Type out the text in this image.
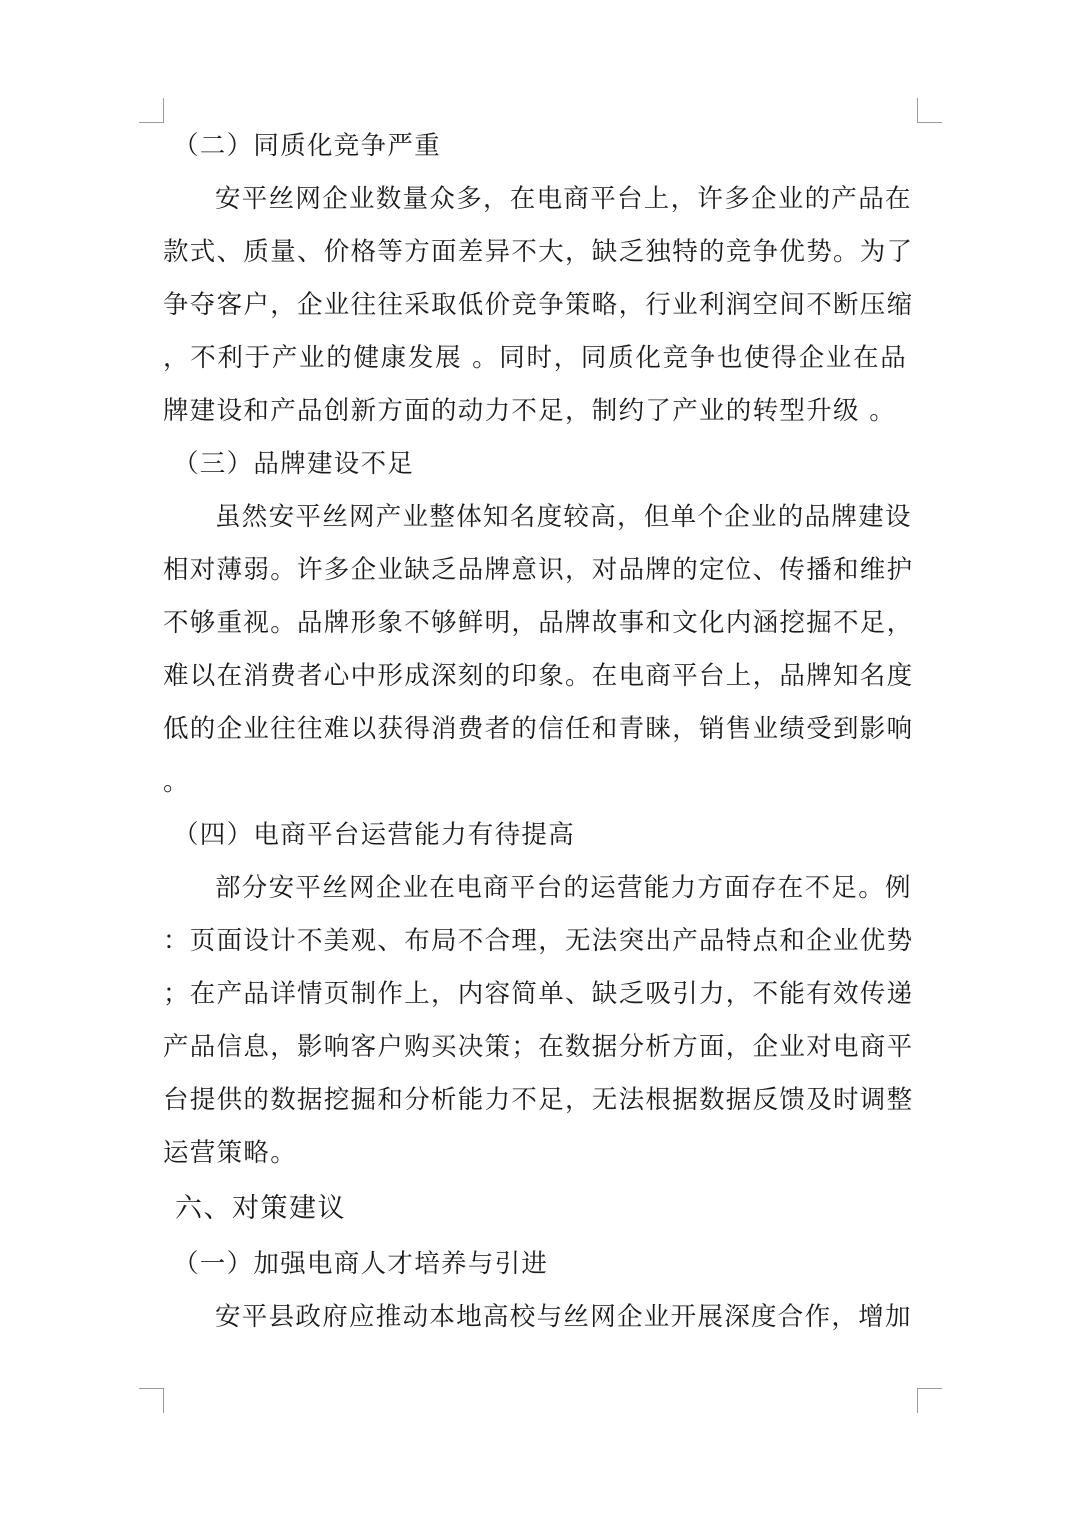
（二）同质化竞争严重
安平丝网企业数量众多，在电商平台上，许多企业的产品在
款式、质量、价格等方面差异不大，缺乏独特的竞争优势。为了
争夺客户，企业往往采取低价竞争策略，行业利润空间不断压缩
，不利于产业的健康发展 。同时，同质化竞争也使得企业在品
牌建设和产品创新方面的动力不足，制约了产业的转型升级 。
（三）品牌建设不足
虽然安平丝网产业整体知名度较高，但单个企业的品牌建设
相对薄弱。许多企业缺乏品牌意识，对品牌的定位、传播和维护
不够重视。品牌形象不够鲜明，品牌故事和文化内涵挖掘不足，
难以在消费者心中形成深刻的印象。在电商平台上，品牌知名度
低的企业往往难以获得消费者的信任和青睐，销售业绩受到影响
。
（四）电商平台运营能力有待提高
部分安平丝网企业在电商平台的运营能力方面存在不足。例
：页面设计不美观、布局不合理，无法突出产品特点和企业优势
；在产品详情页制作上，内容简单、缺乏吸引力，不能有效传递
产品信息，影响客户购买决策；在数据分析方面，企业对电商平
台提供的数据挖掘和分析能力不足，无法根据数据反馈及时调整
运营策略。
六、对策建议
（一）加强电商人才培养与引进
安平县政府应推动本地高校与丝网企业开展深度合作，增加
